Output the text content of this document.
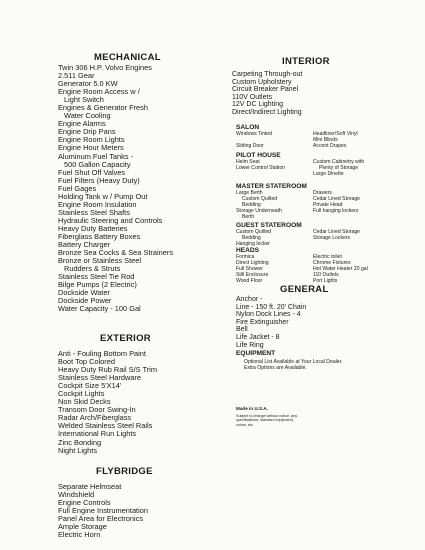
MECHANICAL
Twin 306 H.P. Volvo Engines
2.511 Gear
Generator 5.0 KW
Engine Room Access w /
Light Switch
Engines & Generator Fresh
Water Cooling
Engine Alarms
Engine Drip Pans
Engine Room Lights
Engine Hour Meters
Aluminum Fuel Tanks -
500 Gallon Capacity
Fuel Shut Off Valves
Fuel Filters (Heavy Duty)
Fuel Gages
Holding Tank w / Pump Out
Engine Room Insulation
Stainless Steel Shafts
Hydraulic Steering and Controls
Heavy Duty Batteries
Fiberglass Battery Boxes
Battery Charger
Bronze Sea Cocks & Sea Strainers
Bronze or Stainless Steel
Rudders & Struts
Stainless Steel Tie Rod
Bilge Pumps (2 Electric)
Dockside Water
Dockside Power
Water Capacity - 100 Gal
EXTERIOR
Anti - Fouling Bottom Paint
Boot Top Colored
Heavy Duty Rub Rail S/S Trim
Stainless Steel Hardware
Cockpit Size 5'X14'
Cockpit Lights
Non Skid Decks
Transom Door Swing-In
Radar Arch/Fiberglass
Welded Stainless Steel Rails
International Run Lights
Zinc Bonding
Night Lights
FLYBRIDGE
Separate Helmseat
Windshield
Engine Controls
Full Engine Instrumentation
Panel Area for Electronics
Ample Storage
Electric Horn
INTERIOR
Carpeting Through-out
Custom Upholstery
Circuit Breaker Panel
110V Outlets
12V DC Lighting
Direct/Indirect Lighting
SALON
Windows Tinted	Headliner/Soft Vinyl
Mini Blinds
Sliding Door	Accent Drapes
PILOT HOUSE
Helm Seat	Custom Cabinetry with
Lower Control Station	Plenty of Storage
Large Dinette
MASTER STATEROOM
Large Berth	Drawers
Custom Quilted	Cedar Lined Storage
Bedding	Private Head
Storage Underneath	Full hanging lockers
Berth
GUEST STATEROOM
Custom Quilted	Cedar Lined Storage
Bedding	Storage Lockers
Hanging locker
HEADS
Formica	Electric toilet
Direct Lighting	Chrome Fixtures
Full Shower	Hot Water Heater 20 gal
Still Enclosure	110 Outlets
Wood Floor	Port Lights
GENERAL
Anchor -
Line - 150 ft. 20' Chain
Nylon Dock Lines - 4
Fire Extinguisher
Bell
Life Jacket - 8
Life Ring
EQUIPMENT
Optional List Available at Your Local Dealer.
Extra Options are Available.
Made in U.S.A.
Subject to change without notice, any
specifications, standard equipment,
colors, etc.
